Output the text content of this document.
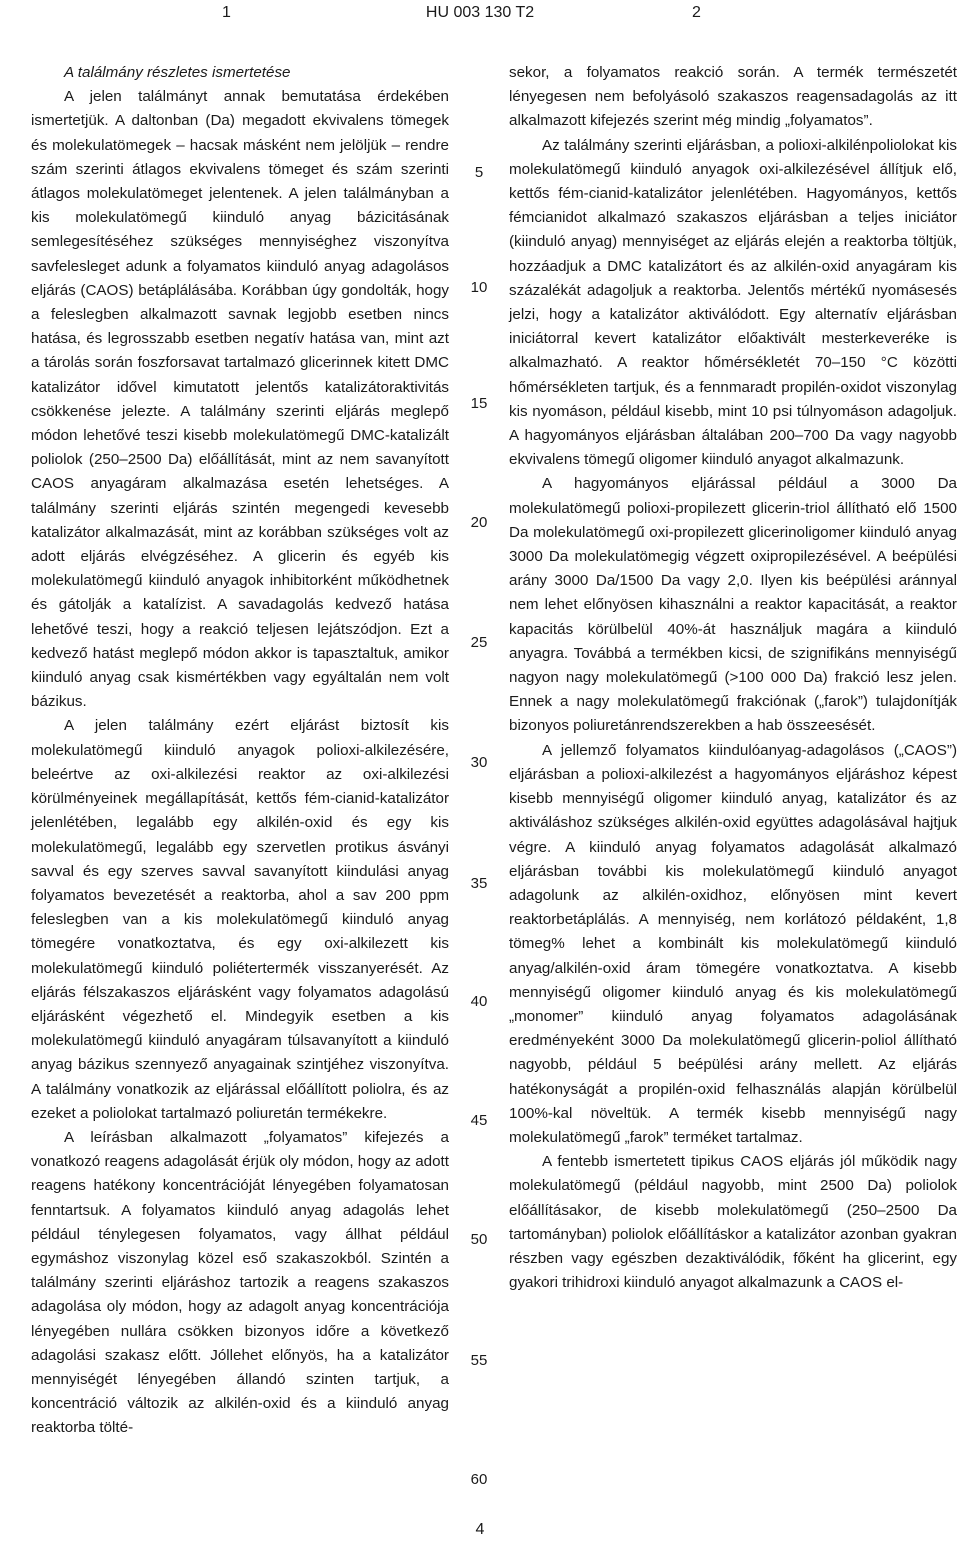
1	HU 003 130 T2	2

A találmány részletes ismertetése

A jelen találmányt annak bemutatása érdekében ismertetjük. A daltonban (Da) megadott ekvivalens tömegek és molekulatömegek – hacsak másként nem jelöljük – rendre szám szerinti átlagos ekvivalens tömeget és szám szerinti átlagos molekulatömeget jelentenek. A jelen találmányban a kis molekulatömegű kiinduló anyag bázicitásának semlegesítéséhez szükséges mennyiséghez viszonyítva savfelesleget adunk a folyamatos kiinduló anyag adagolásos eljárás (CAOS) betáplálásába. Korábban úgy gondolták, hogy a feleslegben alkalmazott savnak legjobb esetben nincs hatása, és legrosszabb esetben negatív hatása van, mint azt a tárolás során foszforsavat tartalmazó glicerinnek kitett DMC katalizátor idővel kimutatott jelentős katalizátoraktivitás csökkenése jelezte. A találmány szerinti eljárás meglepő módon lehetővé teszi kisebb molekulatömegű DMC-katalizált poliolok (250–2500 Da) előállítását, mint az nem savanyított CAOS anyagáram alkalmazása esetén lehetséges. A találmány szerinti eljárás szintén megengedi kevesebb katalizátor alkalmazását, mint az korábban szükséges volt az adott eljárás elvégzéséhez. A glicerin és egyéb kis molekulatömegű kiinduló anyagok inhibitorként működhetnek és gátolják a katalízist. A savadagolás kedvező hatása lehetővé teszi, hogy a reakció teljesen lejátszódjon. Ezt a kedvező hatást meglepő módon akkor is tapasztaltuk, amikor kiinduló anyag csak kismértékben vagy egyáltalán nem volt bázikus.

A jelen találmány ezért eljárást biztosít kis molekulatömegű kiinduló anyagok polioxi-alkilezésére, beleértve az oxi-alkilezési reaktor az oxi-alkilezési körülményeinek megállapítását, kettős fém-cianid-katalizátor jelenlétében, legalább egy alkilén-oxid és egy kis molekulatömegű, legalább egy szervetlen protikus ásványi savval és egy szerves savval savanyított kiindulási anyag folyamatos bevezetését a reaktorba, ahol a sav 200 ppm feleslegben van a kis molekulatömegű kiinduló anyag tömegére vonatkoztatva, és egy oxi-alkilezett kis molekulatömegű kiinduló poliétertermék visszanyerését. Az eljárás félszakaszos eljárásként vagy folyamatos adagolású eljárásként végezhető el. Mindegyik esetben a kis molekulatömegű kiinduló anyagáram túlsavanyított a kiinduló anyag bázikus szennyező anyagainak szintjéhez viszonyítva. A találmány vonatkozik az eljárással előállított poliolra, és az ezeket a poliolokat tartalmazó poliuretán termékekre.

A leírásban alkalmazott „folyamatos” kifejezés a vonatkozó reagens adagolását érjük oly módon, hogy az adott reagens hatékony koncentrációját lényegében folyamatosan fenntartsuk. A folyamatos kiinduló anyag adagolás lehet például ténylegesen folyamatos, vagy állhat például egymáshoz viszonylag közel eső szakaszokból. Szintén a találmány szerinti eljáráshoz tartozik a reagens szakaszos adagolása oly módon, hogy az adagolt anyag koncentrációja lényegében nullára csökken bizonyos időre a következő adagolási szakasz előtt. Jóllehet előnyös, ha a katalizátor mennyiségét lényegében állandó szinten tartjuk, a koncentráció változik az alkilén-oxid és a kiinduló anyag reaktorba tölté-

sekor, a folyamatos reakció során. A termék természetét lényegesen nem befolyásoló szakaszos reagensadagolás az itt alkalmazott kifejezés szerint még mindig „folyamatos”.

Az találmány szerinti eljárásban, a polioxi-alkilénpoliolokat kis molekulatömegű kiinduló anyagok oxi-alkilezésével állítjuk elő, kettős fém-cianid-katalizátor jelenlétében. Hagyományos, kettős fémcianidot alkalmazó szakaszos eljárásban a teljes iniciátor (kiinduló anyag) mennyiséget az eljárás elején a reaktorba töltjük, hozzáadjuk a DMC katalizátort és az alkilén-oxid anyagáram kis százalékát adagoljuk a reaktorba. Jelentős mértékű nyomásesés jelzi, hogy a katalizátor aktiválódott. Egy alternatív eljárásban iniciátorral kevert katalizátor előaktivált mesterkeveréke is alkalmazható. A reaktor hőmérsékletét 70–150 °C közötti hőmérsékleten tartjuk, és a fennmaradt propilén-oxidot viszonylag kis nyomáson, például kisebb, mint 10 psi túlnyomáson adagoljuk. A hagyományos eljárásban általában 200–700 Da vagy nagyobb ekvivalens tömegű oligomer kiinduló anyagot alkalmazunk.

A hagyományos eljárással például a 3000 Da molekulatömegű polioxi-propilezett glicerin-triol állítható elő 1500 Da molekulatömegű oxi-propilezett glicerinoligomer kiinduló anyag 3000 Da molekulatömegig végzett oxipropilezésével. A beépülési arány 3000 Da/1500 Da vagy 2,0. Ilyen kis beépülési aránnyal nem lehet előnyösen kihasználni a reaktor kapacitását, a reaktor kapacitás körülbelül 40%-át használjuk magára a kiinduló anyagra. Továbbá a termékben kicsi, de szignifikáns mennyiségű nagyon nagy molekulatömegű (>100 000 Da) frakció lesz jelen. Ennek a nagy molekulatömegű frakciónak („farok”) tulajdonítják bizonyos poliuretánrendszerekben a hab összeesését.

A jellemző folyamatos kiindulóanyag-adagolásos („CAOS”) eljárásban a polioxi-alkilezést a hagyományos eljáráshoz képest kisebb mennyiségű oligomer kiinduló anyag, katalizátor és az aktiváláshoz szükséges alkilén-oxid együttes adagolásával hajtjuk végre. A kiinduló anyag folyamatos adagolását alkalmazó eljárásban további kis molekulatömegű kiinduló anyagot adagolunk az alkilén-oxidhoz, előnyösen mint kevert reaktorbetáplálás. A mennyiség, nem korlátozó példaként, 1,8 tömeg% lehet a kombinált kis molekulatömegű kiinduló anyag/alkilén-oxid áram tömegére vonatkoztatva. A kisebb mennyiségű oligomer kiinduló anyag és kis molekulatömegű „monomer” kiinduló anyag folyamatos adagolásának eredményeként 3000 Da molekulatömegű glicerin-poliol állítható nagyobb, például 5 beépülési arány mellett. Az eljárás hatékonyságát a propilén-oxid felhasználás alapján körülbelül 100%-kal növeltük. A termék kisebb mennyiségű nagy molekulatömegű „farok” terméket tartalmaz.

A fentebb ismertetett tipikus CAOS eljárás jól működik nagy molekulatömegű (például nagyobb, mint 2500 Da) poliolok előállításakor, de kisebb molekulatömegű (250–2500 Da tartományban) poliolok előállításkor a katalizátor azonban gyakran részben vagy egészben dezaktiválódik, főként ha glicerint, egy gyakori trihidroxi kiinduló anyagot alkalmazunk a CAOS el-

5
10
15
20
25
30
35
40
45
50
55
60
4
